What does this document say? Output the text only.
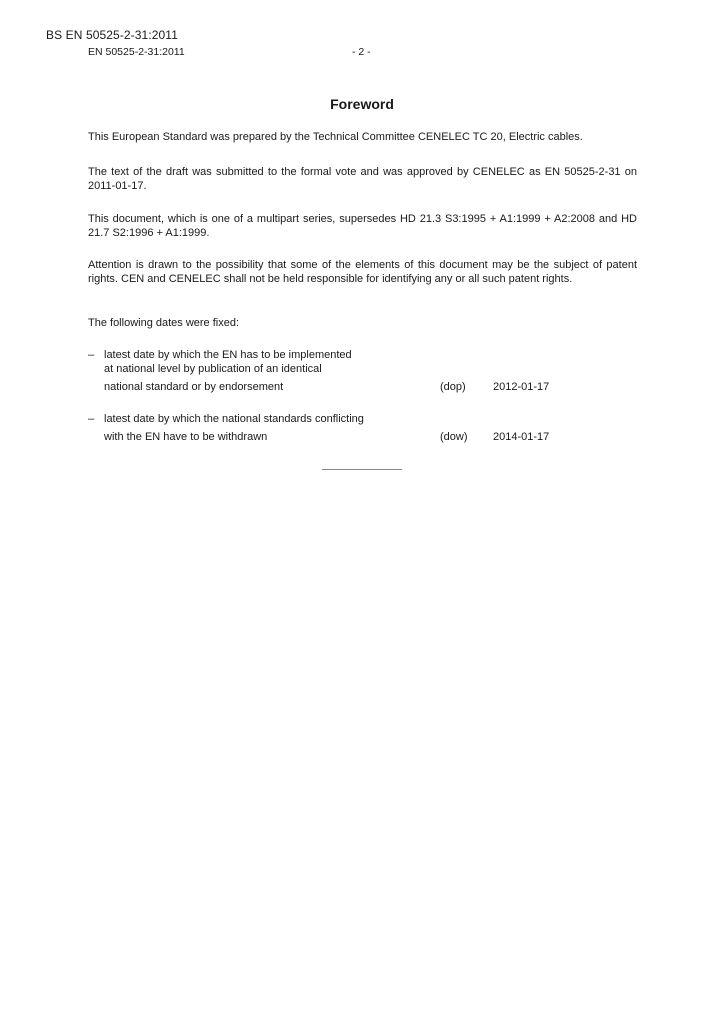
BS EN 50525-2-31:2011
EN 50525-2-31:2011	- 2 -
Foreword

This European Standard was prepared by the Technical Committee CENELEC TC 20, Electric cables.

The text of the draft was submitted to the formal vote and was approved by CENELEC as EN 50525-2-31 on 2011-01-17.

This document, which is one of a multipart series, supersedes HD 21.3 S3:1995 + A1:1999 + A2:2008 and HD 21.7 S2:1996 + A1:1999.

Attention is drawn to the possibility that some of the elements of this document may be the subject of patent rights. CEN and CENELEC shall not be held responsible for identifying any or all such patent rights.

The following dates were fixed:

– latest date by which the EN has to be implemented
at national level by publication of an identical
national standard or by endorsement	(dop) 2012-01-17
– latest date by which the national standards conflicting
with the EN have to be withdrawn	(dow) 2014-01-17
